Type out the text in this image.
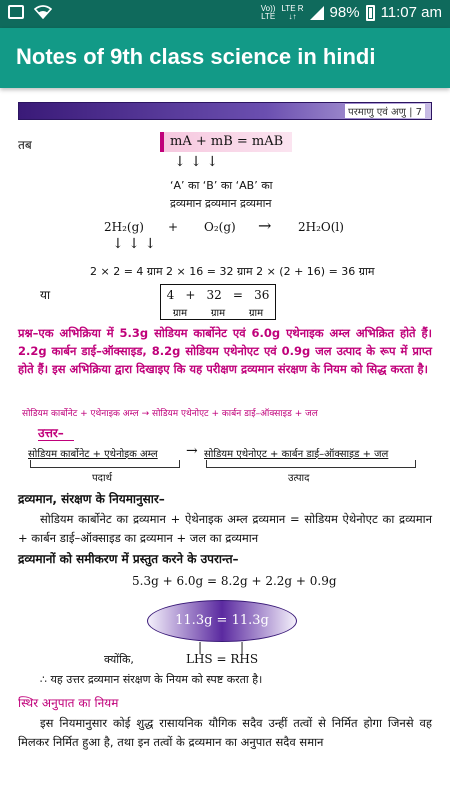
Vo))
LTE
LTE R
↓↑	98% 11:07 am
Notes of 9th class science in hindi
परमाणु एवं अणु | 7
तब	mA + mB = mAB
↓ ↓ ↓
‘A’ का ‘B’ का ‘AB’ का
द्रव्यमान द्रव्यमान द्रव्यमान
2H₂(g) + O₂(g) → 2H₂O(l)
↓ ↓ ↓
2 × 2 = 4 ग्राम 2 × 16 = 32 ग्राम 2 × (2 + 16) = 36 ग्राम
या	4 + 32 = 36
ग्राम ग्राम ग्राम
प्रश्न–एक अभिक्रिया में 5.3g सोडियम कार्बोनेट एवं 6.0g एथेनाइक अम्ल अभिक्रित होते हैं। 2.2g कार्बन डाई–ऑक्साइड, 8.2g सोडियम एथेनोएट एवं 0.9g जल उत्पाद के रूप में प्राप्त होते हैं। इस अभिक्रिया द्वारा दिखाइए कि यह परीक्षण द्रव्यमान संरक्षण के नियम को सिद्ध करता है।
सोडियम कार्बोनेट + एथेनाइक अम्ल → सोडियम एथेनोएट + कार्बन डाई–ऑक्साइड + जल
उत्तर–
सोडियम कार्बोनेट + एथेनोइक अम्ल → सोडियम एथेनोएट + कार्बन डाई–ऑक्साइड + जल
पदार्थ	उत्पाद
द्रव्यमान, संरक्षण के नियमानुसार–
सोडियम कार्बोनेट का द्रव्यमान + ऐथेनाइक अम्ल द्रव्यमान = सोडियम ऐथेनोएट का द्रव्यमान + कार्बन डाई–ऑक्साइड का द्रव्यमान + जल का द्रव्यमान
द्रव्यमानों को समीकरण में प्रस्तुत करने के उपरान्त–
5.3g + 6.0g = 8.2g + 2.2g + 0.9g
11.3g = 11.3g
|	|
क्योंकि,	LHS = RHS
∴ यह उत्तर द्रव्यमान संरक्षण के नियम को स्पष्ट करता है।
स्थिर अनुपात का नियम
इस नियमानुसार कोई शुद्ध रासायनिक यौगिक सदैव उन्हीं तत्वों से निर्मित होगा जिनसे वह मिलकर निर्मित हुआ है, तथा इन तत्वों के द्रव्यमान का अनुपात सदैव समान
